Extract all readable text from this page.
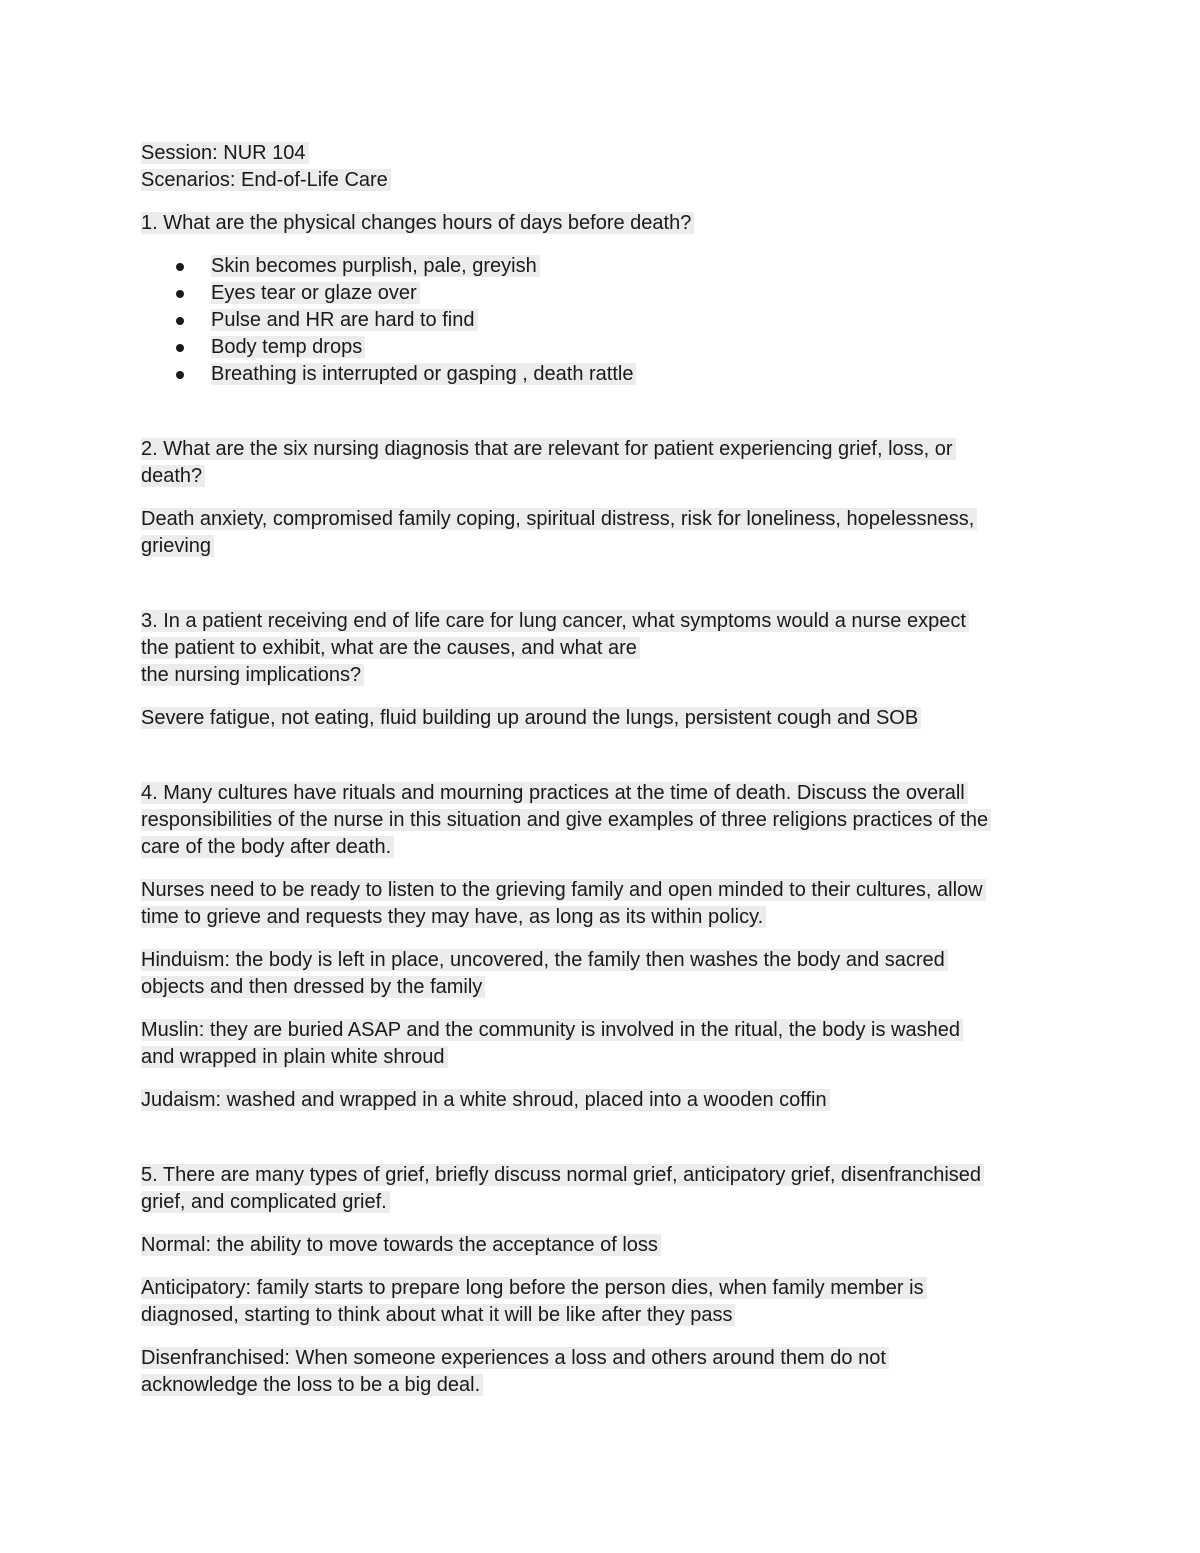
Session: NUR 104
Scenarios: End-of-Life Care
1. What are the physical changes hours of days before death?
Skin becomes purplish, pale, greyish
Eyes tear or glaze over
Pulse and HR are hard to find
Body temp drops
Breathing is interrupted or gasping , death rattle
2. What are the six nursing diagnosis that are relevant for patient experiencing grief, loss, or
death?
Death anxiety, compromised family coping, spiritual distress, risk for loneliness, hopelessness,
grieving
3. In a patient receiving end of life care for lung cancer, what symptoms would a nurse expect
the patient to exhibit, what are the causes, and what are
the nursing implications?
Severe fatigue, not eating, fluid building up around the lungs, persistent cough and SOB
4. Many cultures have rituals and mourning practices at the time of death. Discuss the overall
responsibilities of the nurse in this situation and give examples of three religions practices of the
care of the body after death.
Nurses need to be ready to listen to the grieving family and open minded to their cultures, allow
time to grieve and requests they may have, as long as its within policy.
Hinduism: the body is left in place, uncovered, the family then washes the body and sacred
objects and then dressed by the family
Muslin: they are buried ASAP and the community is involved in the ritual, the body is washed
and wrapped in plain white shroud
Judaism: washed and wrapped in a white shroud, placed into a wooden coffin
5. There are many types of grief, briefly discuss normal grief, anticipatory grief, disenfranchised
grief, and complicated grief.
Normal: the ability to move towards the acceptance of loss
Anticipatory: family starts to prepare long before the person dies, when family member is
diagnosed, starting to think about what it will be like after they pass
Disenfranchised: When someone experiences a loss and others around them do not
acknowledge the loss to be a big deal.
